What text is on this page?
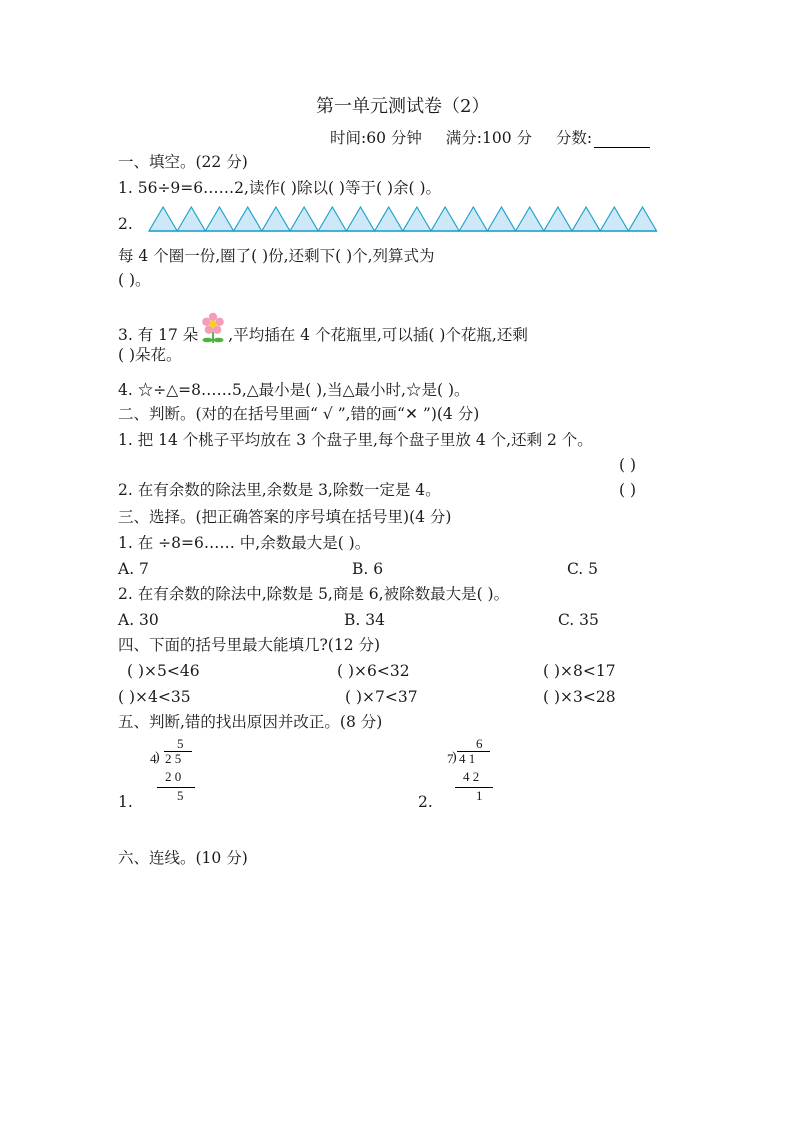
第一单元测试卷（2）
时间:60 分钟 满分:100 分 分数:
一、填空。(22 分)
1. 56÷9=6……2,读作( )除以( )等于( )余( )。
2.
每 4 个圈一份,圈了( )份,还剩下( )个,列算式为
( )。
3. 有 17 朵 ,平均插在 4 个花瓶里,可以插( )个花瓶,还剩
( )朵花。
4. ☆÷△=8……5,△最小是( ),当△最小时,☆是( )。
二、判断。(对的在括号里画“ √ ”,错的画“✕ ”)(4 分)
1. 把 14 个桃子平均放在 3 个盘子里,每个盘子里放 4 个,还剩 2 个。
( )
2. 在有余数的除法里,余数是 3,除数一定是 4。	( )
三、选择。(把正确答案的序号填在括号里)(4 分)
1. 在 ÷8=6…… 中,余数最大是( )。
A. 7	B. 6	C. 5
2. 在有余数的除法中,除数是 5,商是 6,被除数最大是( )。
A. 30	B. 34	C. 35
四、下面的括号里最大能填几?(12 分)
( )×5<46	( )×6<32	( )×8<17
( )×4<35	( )×7<37	( )×3<28
五、判断,错的找出原因并改正。(8 分)
1.
5
4
) 2 5
2 0
5	2.
6
7
) 4 1
4 2
1
六、连线。(10 分)
